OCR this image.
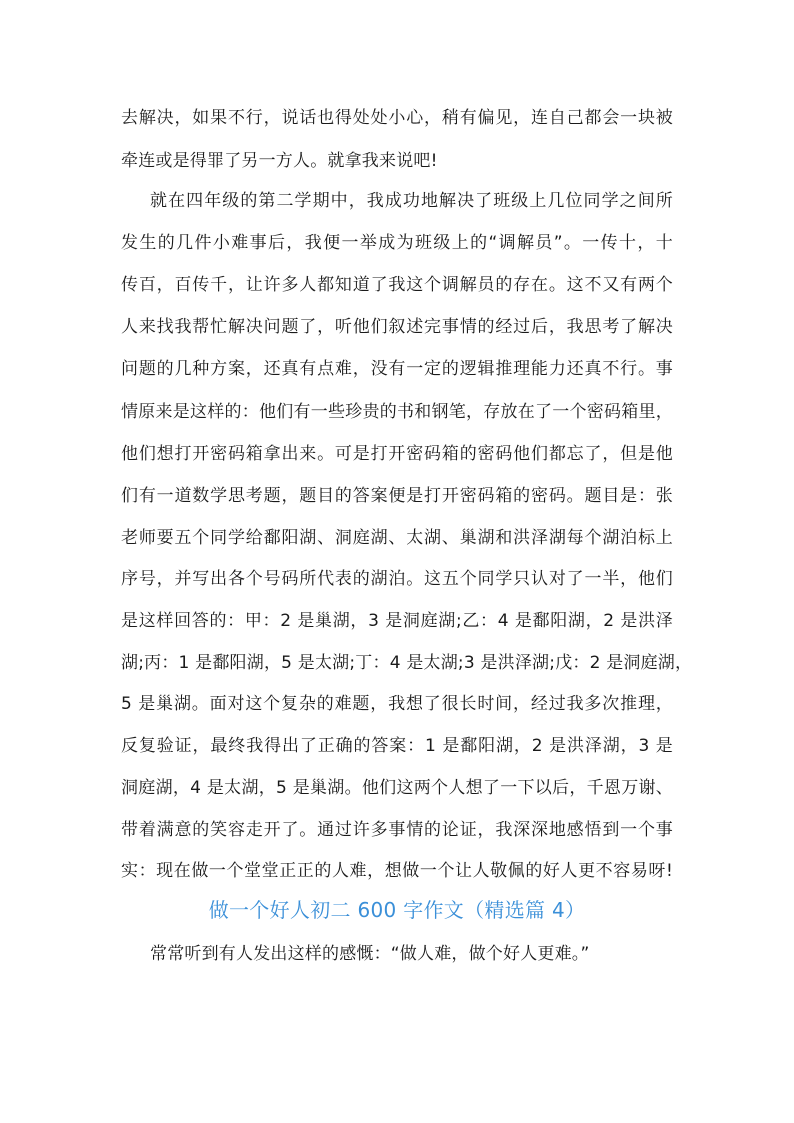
去解决，如果不行，说话也得处处小心，稍有偏见，连自己都会一块被
牵连或是得罪了另一方人。就拿我来说吧!
就在四年级的第二学期中，我成功地解决了班级上几位同学之间所
发生的几件小难事后，我便一举成为班级上的“调解员”。一传十，十
传百，百传千，让许多人都知道了我这个调解员的存在。这不又有两个
人来找我帮忙解决问题了，听他们叙述完事情的经过后，我思考了解决
问题的几种方案，还真有点难，没有一定的逻辑推理能力还真不行。事
情原来是这样的：他们有一些珍贵的书和钢笔，存放在了一个密码箱里，
他们想打开密码箱拿出来。可是打开密码箱的密码他们都忘了，但是他
们有一道数学思考题，题目的答案便是打开密码箱的密码。题目是：张
老师要五个同学给鄱阳湖、洞庭湖、太湖、巢湖和洪泽湖每个湖泊标上
序号，并写出各个号码所代表的湖泊。这五个同学只认对了一半，他们
是这样回答的：甲：2 是巢湖，3 是洞庭湖;乙：4 是鄱阳湖，2 是洪泽
湖;丙：1 是鄱阳湖，5 是太湖;丁：4 是太湖;3 是洪泽湖;戊：2 是洞庭湖，
5 是巢湖。面对这个复杂的难题，我想了很长时间，经过我多次推理，
反复验证，最终我得出了正确的答案：1 是鄱阳湖，2 是洪泽湖，3 是
洞庭湖，4 是太湖，5 是巢湖。他们这两个人想了一下以后，千恩万谢、
带着满意的笑容走开了。通过许多事情的论证，我深深地感悟到一个事
实：现在做一个堂堂正正的人难，想做一个让人敬佩的好人更不容易呀!
做一个好人初二 600 字作文（精选篇 4）
常常听到有人发出这样的感慨：“做人难，做个好人更难。”
